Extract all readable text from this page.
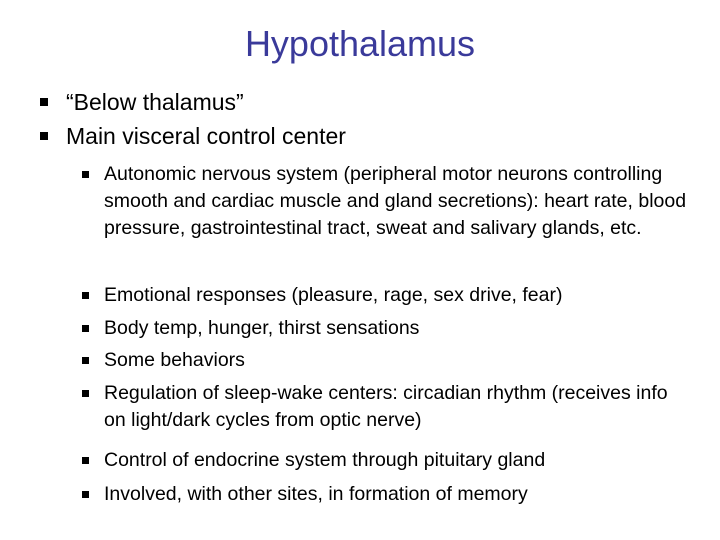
Hypothalamus
“Below thalamus”
Main visceral control center
Autonomic nervous system (peripheral motor neurons controlling smooth and cardiac muscle and gland secretions): heart rate, blood pressure, gastrointestinal tract, sweat and salivary glands, etc.
Emotional responses (pleasure, rage, sex drive, fear)
Body temp, hunger, thirst sensations
Some behaviors
Regulation of sleep-wake centers: circadian rhythm (receives info on light/dark cycles from optic nerve)
Control of endocrine system through pituitary gland
Involved, with other sites, in formation of memory
